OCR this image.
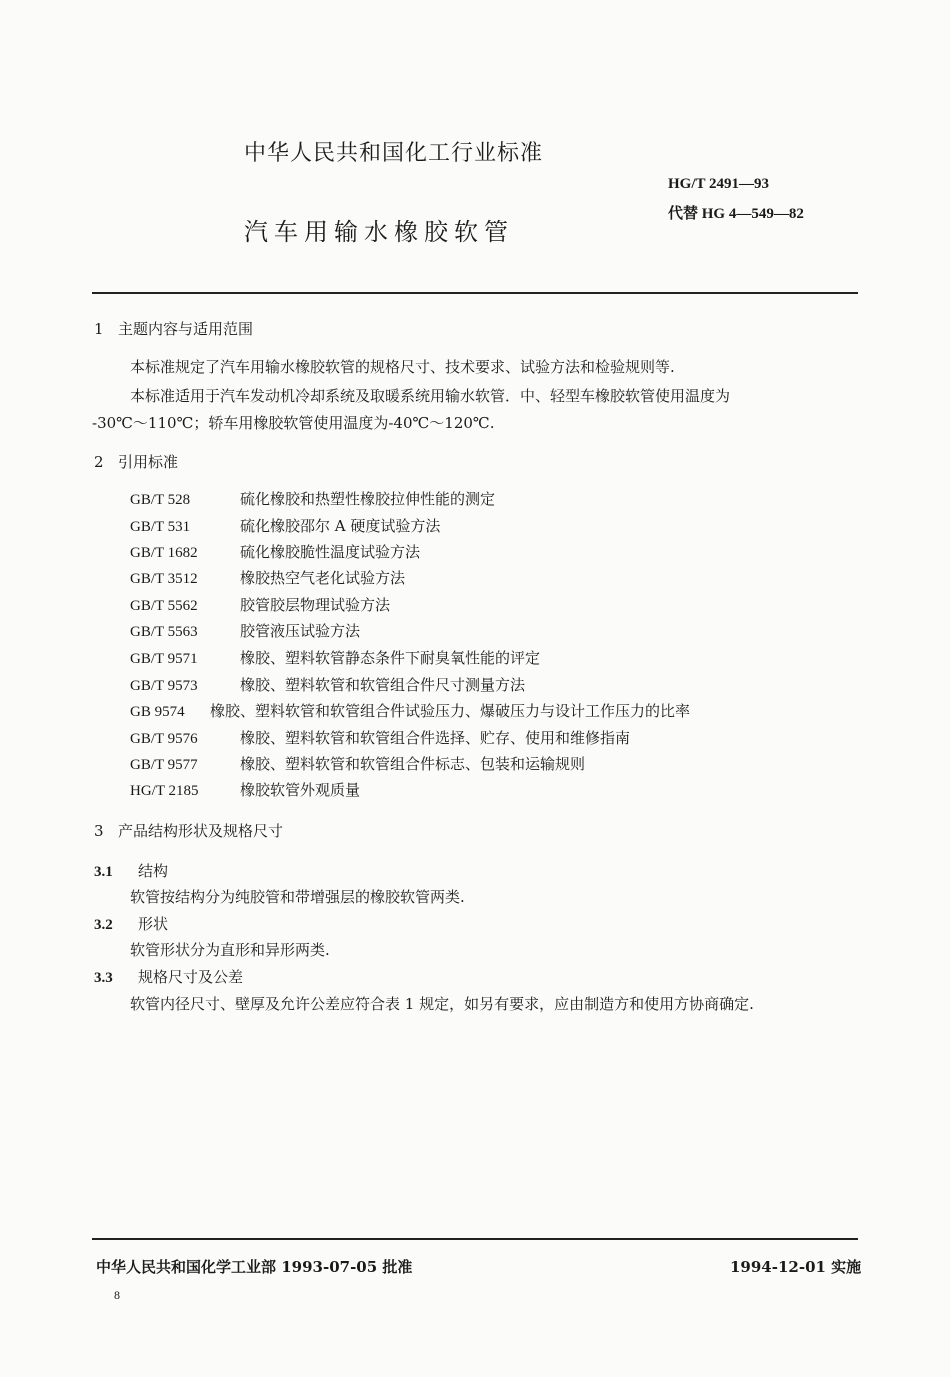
中华人民共和国化工行业标准
汽车用输水橡胶软管
HG/T 2491—93
代替 HG 4—549—82
1 主题内容与适用范围
本标准规定了汽车用输水橡胶软管的规格尺寸、技术要求、试验方法和检验规则等.
本标准适用于汽车发动机冷却系统及取暖系统用输水软管．中、轻型车橡胶软管使用温度为
-30℃～110℃；轿车用橡胶软管使用温度为-40℃～120℃.
2 引用标准
GB/T 528	硫化橡胶和热塑性橡胶拉伸性能的测定
GB/T 531	硫化橡胶邵尔 A 硬度试验方法
GB/T 1682	硫化橡胶脆性温度试验方法
GB/T 3512	橡胶热空气老化试验方法
GB/T 5562	胶管胶层物理试验方法
GB/T 5563	胶管液压试验方法
GB/T 9571	橡胶、塑料软管静态条件下耐臭氧性能的评定
GB/T 9573	橡胶、塑料软管和软管组合件尺寸测量方法
GB 9574 橡胶、塑料软管和软管组合件试验压力、爆破压力与设计工作压力的比率
GB/T 9576	橡胶、塑料软管和软管组合件选择、贮存、使用和维修指南
GB/T 9577	橡胶、塑料软管和软管组合件标志、包装和运输规则
HG/T 2185	橡胶软管外观质量
3 产品结构形状及规格尺寸
3.1 结构
软管按结构分为纯胶管和带增强层的橡胶软管两类.
3.2 形状
软管形状分为直形和异形两类.
3.3 规格尺寸及公差
软管内径尺寸、壁厚及允许公差应符合表 1 规定，如另有要求，应由制造方和使用方协商确定.
中华人民共和国化学工业部 1993-07-05 批准	1994-12-01 实施
8
